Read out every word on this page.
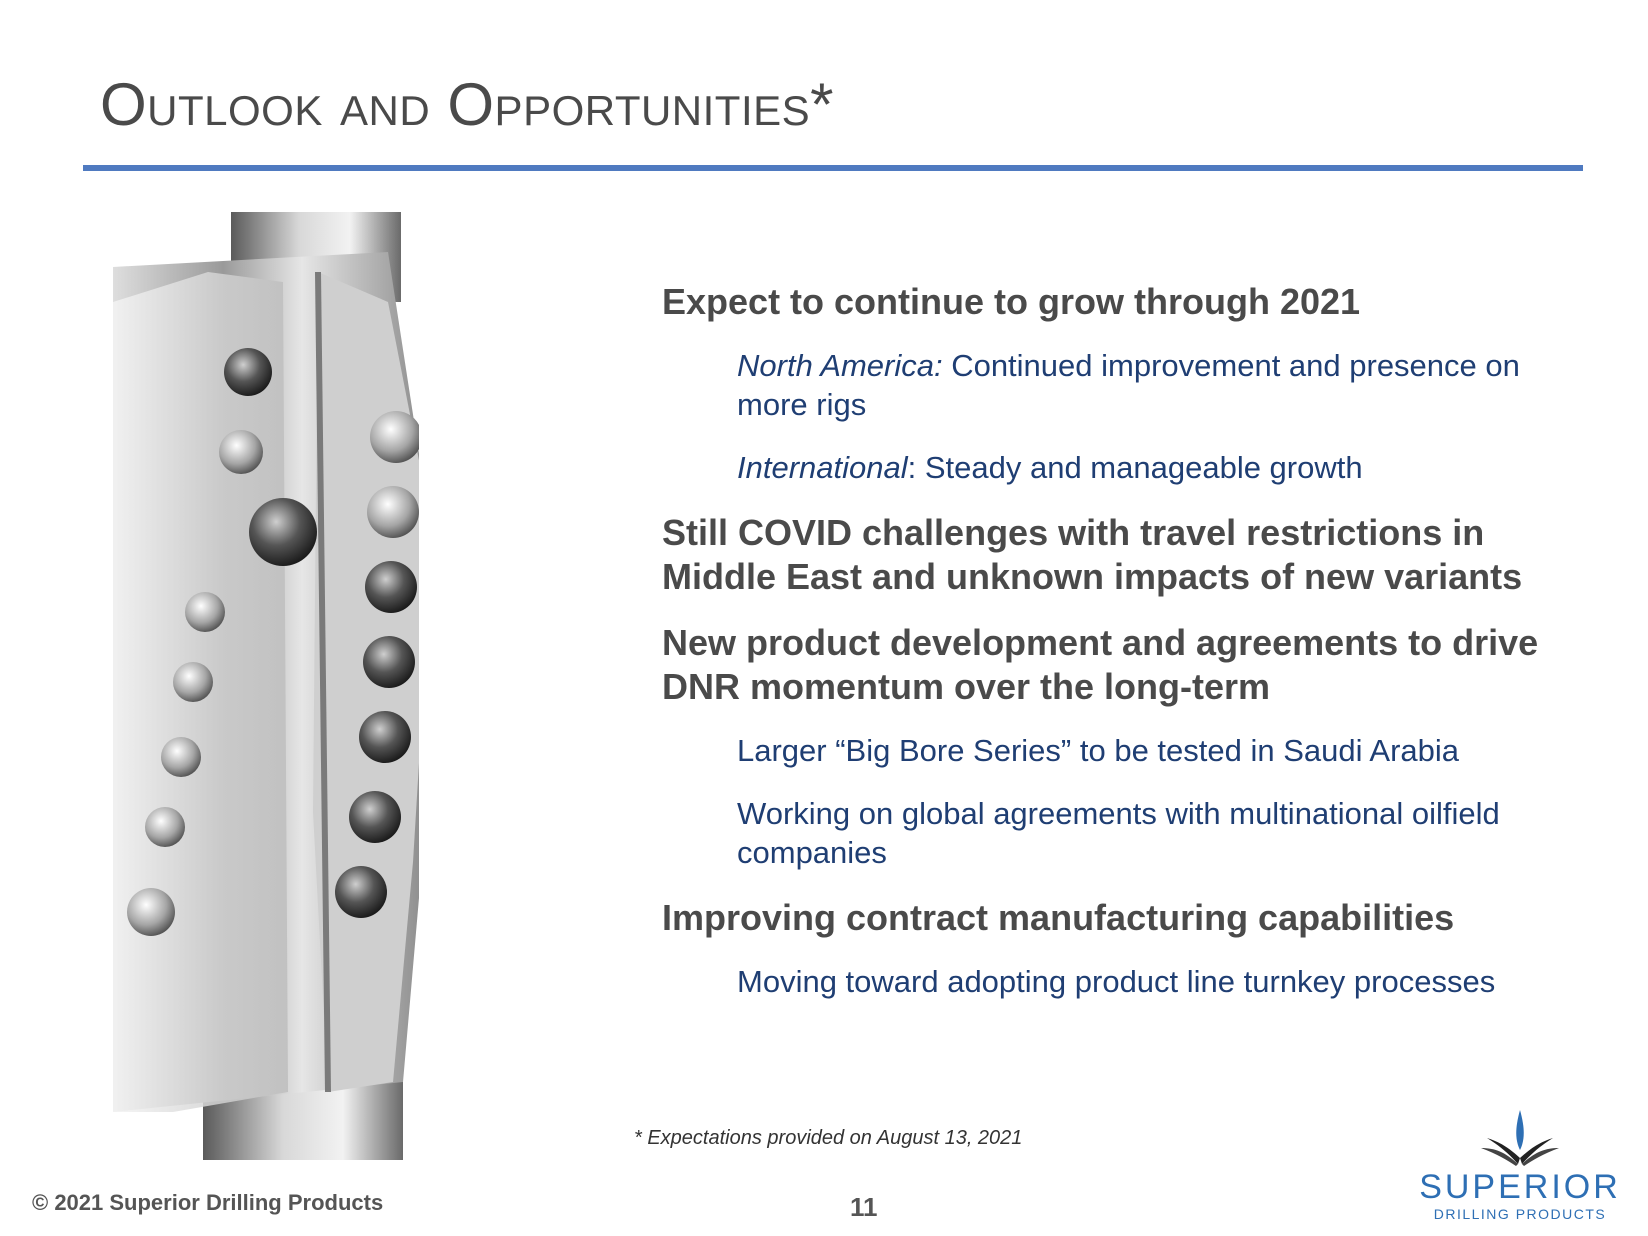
Outlook and Opportunities*
Expect to continue to grow through 2021
North America: Continued improvement and presence on more rigs
International: Steady and manageable growth
Still COVID challenges with travel restrictions in Middle East and unknown impacts of new variants
New product development and agreements to drive DNR momentum over the long-term
Larger “Big Bore Series” to be tested in Saudi Arabia
Working on global agreements with multinational oilfield companies
Improving contract manufacturing capabilities
Moving toward adopting product line turnkey processes
* Expectations provided on August 13, 2021
© 2021 Superior Drilling Products	11
SUPERIOR
DRILLING PRODUCTS
